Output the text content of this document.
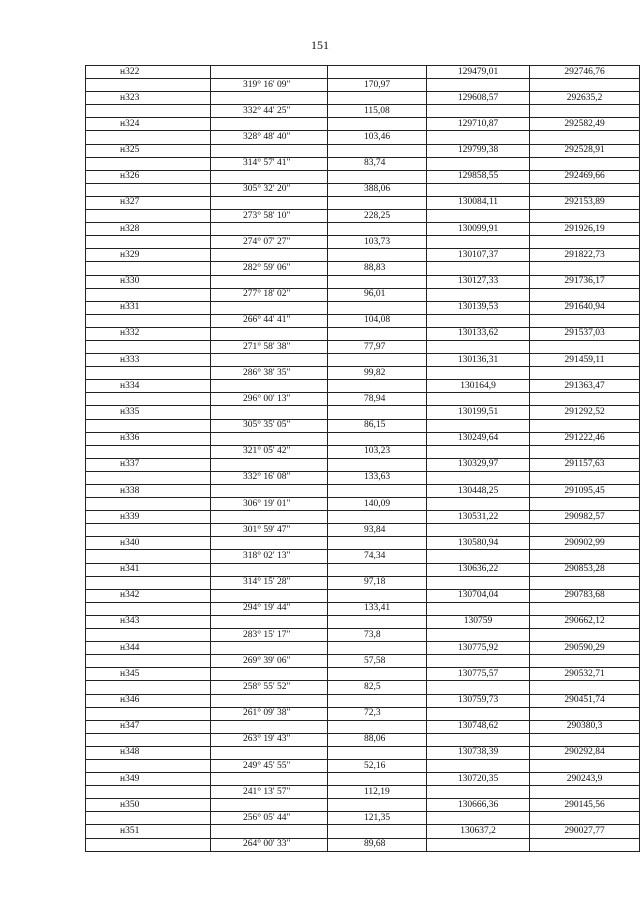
151
н322			129479,01	292746,76
	319° 16' 09"	170,97		
н323			129608,57	292635,2
	332° 44' 25"	115,08		
н324			129710,87	292582,49
	328° 48' 40"	103,46		
н325			129799,38	292528,91
	314° 57' 41"	83,74		
н326			129858,55	292469,66
	305° 32' 20"	388,06		
н327			130084,11	292153,89
	273° 58' 10"	228,25		
н328			130099,91	291926,19
	274° 07' 27"	103,73		
н329			130107,37	291822,73
	282° 59' 06"	88,83		
н330			130127,33	291736,17
	277° 18' 02"	96,01		
н331			130139,53	291640,94
	266° 44' 41"	104,08		
н332			130133,62	291537,03
	271° 58' 38"	77,97		
н333			130136,31	291459,11
	286° 38' 35"	99,82		
н334			130164,9	291363,47
	296° 00' 13"	78,94		
н335			130199,51	291292,52
	305° 35' 05"	86,15		
н336			130249,64	291222,46
	321° 05' 42"	103,23		
н337			130329,97	291157,63
	332° 16' 08"	133,63		
н338			130448,25	291095,45
	306° 19' 01"	140,09		
н339			130531,22	290982,57
	301° 59' 47"	93,84		
н340			130580,94	290902,99
	318° 02' 13"	74,34		
н341			130636,22	290853,28
	314° 15' 28"	97,18		
н342			130704,04	290783,68
	294° 19' 44"	133,41		
н343			130759	290662,12
	283° 15' 17"	73,8		
н344			130775,92	290590,29
	269° 39' 06"	57,58		
н345			130775,57	290532,71
	258° 55' 52"	82,5		
н346			130759,73	290451,74
	261° 09' 38"	72,3		
н347			130748,62	290380,3
	263° 19' 43"	88,06		
н348			130738,39	290292,84
	249° 45' 55"	52,16		
н349			130720,35	290243,9
	241° 13' 57"	112,19		
н350			130666,36	290145,56
	256° 05' 44"	121,35		
н351			130637,2	290027,77
	264° 00' 33"	89,68		
